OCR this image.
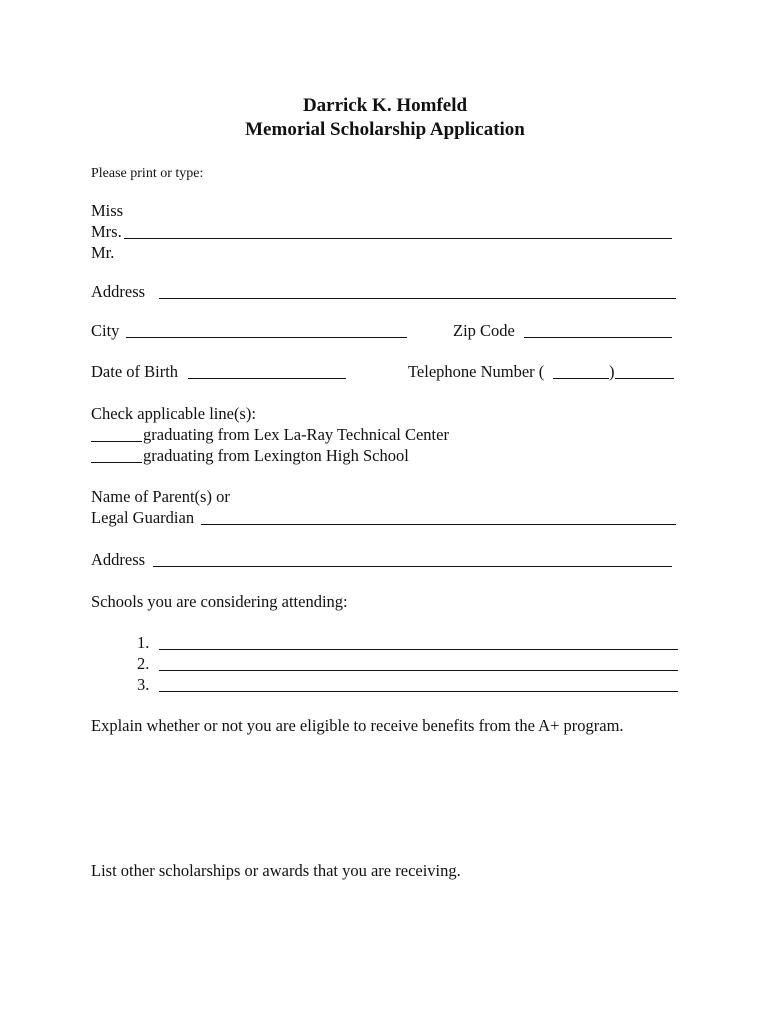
Darrick K. Homfeld
Memorial Scholarship Application
Please print or type:
Miss
Mrs.
Mr.
Address
City	Zip Code
Date of Birth	Telephone Number (	)
Check applicable line(s):
graduating from Lex La-Ray Technical Center
graduating from Lexington High School
Name of Parent(s) or
Legal Guardian
Address
Schools you are considering attending:
1.
2.
3.
Explain whether or not you are eligible to receive benefits from the A+ program.
List other scholarships or awards that you are receiving.
